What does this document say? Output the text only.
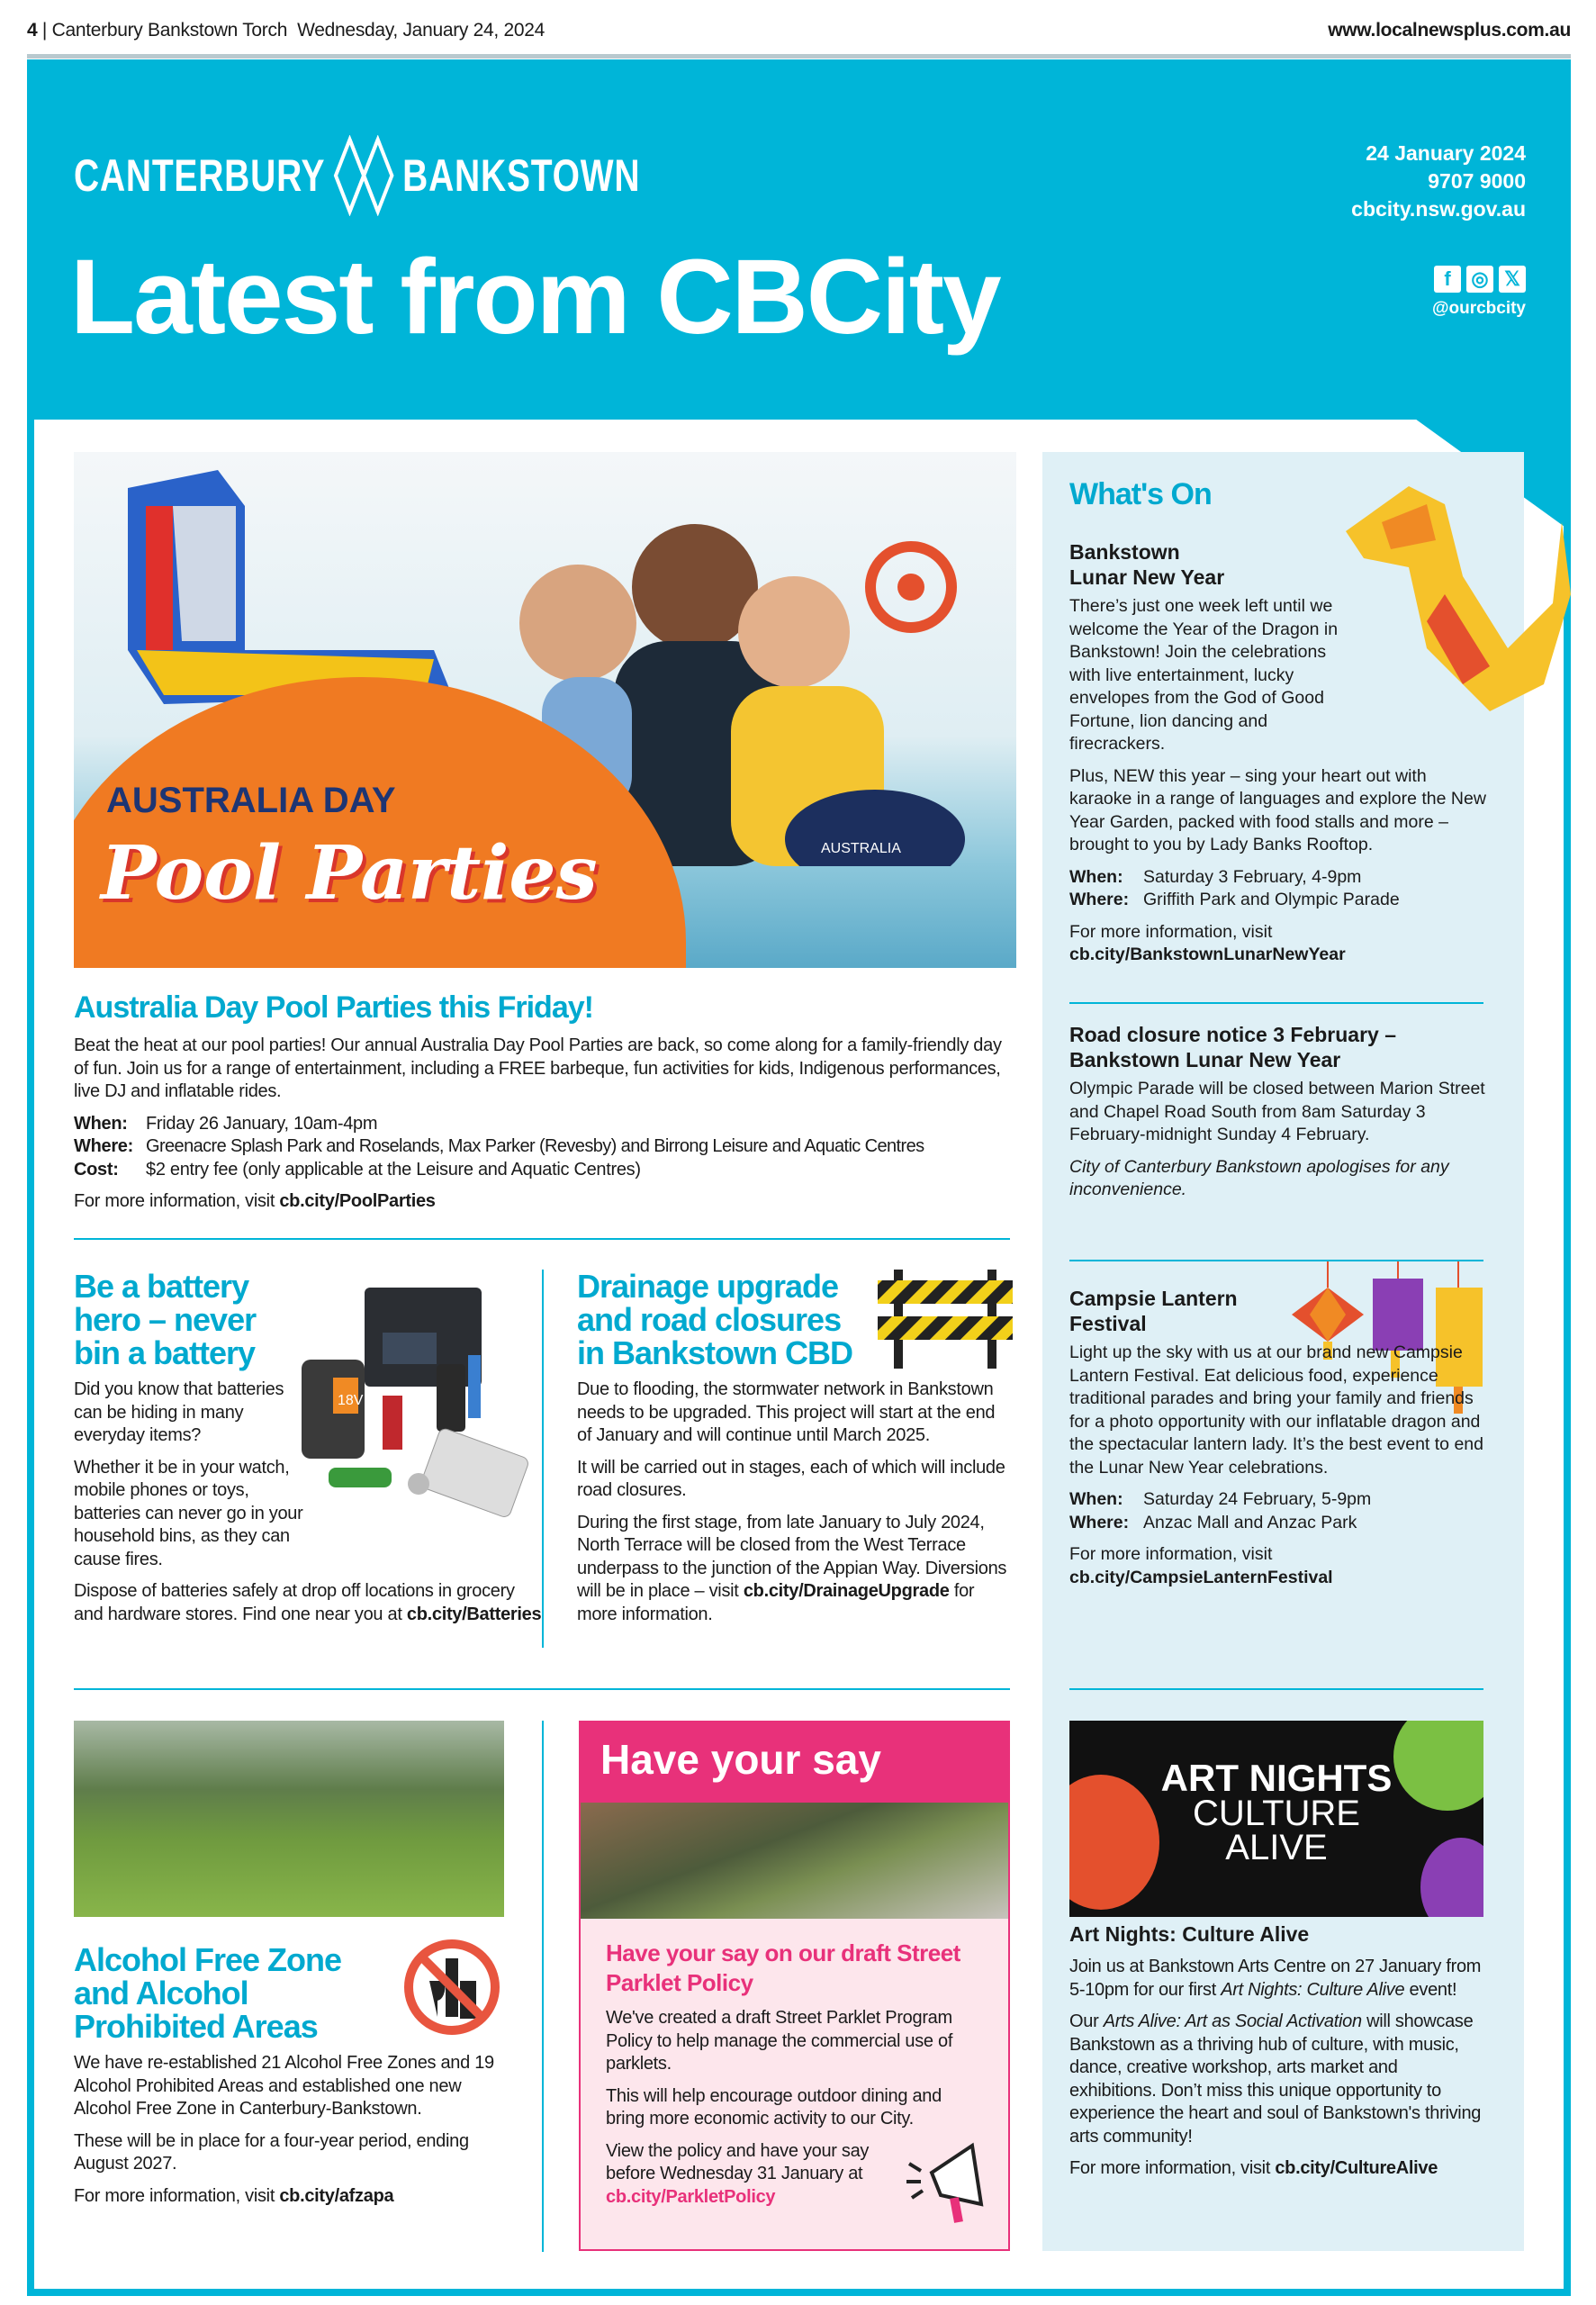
4 | Canterbury Bankstown Torch Wednesday, January 24, 2024	www.localnewsplus.com.au
CANTERBURY BANKSTOWN
Latest from CBCity
24 January 2024
9707 9000
cbcity.nsw.gov.au
f	◎ 𝕏
@ourcbcity
AUSTRALIA
AUSTRALIA DAY
Pool Parties
Australia Day Pool Parties this Friday!

Beat the heat at our pool parties! Our annual Australia Day Pool Parties are back, so come along for a family-friendly day of fun. Join us for a range of entertainment, including a FREE barbeque, fun activities for kids, Indigenous performances, live DJ and inflatable rides.

When:	Friday 26 January, 10am-4pm
Where: Greenacre Splash Park and Roselands, Max Parker (Revesby) and Birrong Leisure and Aquatic Centres
Cost:	$2 entry fee (only applicable at the Leisure and Aquatic Centres)
For more information, visit cb.city/PoolParties
Be a battery hero – never bin a battery

Did you know that batteries can be hiding in many everyday items?

Whether it be in your watch, mobile phones or toys, batteries can never go in your household bins, as they can cause fires.

Dispose of batteries safely at drop off locations in grocery and hardware stores. Find one near you at cb.city/Batteries

18V
Drainage upgrade and road closures in Bankstown CBD

Due to flooding, the stormwater network in Bankstown needs to be upgraded. This project will start at the end of January and will continue until March 2025.

It will be carried out in stages, each of which will include road closures.

During the first stage, from late January to July 2024, North Terrace will be closed from the West Terrace underpass to the junction of the Appian Way. Diversions will be in place – visit cb.city/DrainageUpgrade for more information.

Alcohol Free Zone and Alcohol Prohibited Areas

We have re-established 21 Alcohol Free Zones and 19 Alcohol Prohibited Areas and established one new Alcohol Free Zone in Canterbury-Bankstown.

These will be in place for a four-year period, ending August 2027.

For more information, visit cb.city/afzapa

Have your say
Have your say on our draft Street Parklet Policy

We've created a draft Street Parklet Program Policy to help manage the commercial use of parklets.

This will help encourage outdoor dining and bring more economic activity to our City.

View the policy and have your say before Wednesday 31 January at cb.city/ParkletPolicy

What's On
Bankstown Lunar New Year

There’s just one week left until we welcome the Year of the Dragon in Bankstown! Join the celebrations with live entertainment, lucky envelopes from the God of Good Fortune, lion dancing and firecrackers.

Plus, NEW this year – sing your heart out with karaoke in a range of languages and explore the New Year Garden, packed with food stalls and more – brought to you by Lady Banks Rooftop.

When:	Saturday 3 February, 4-9pm
Where: Griffith Park and Olympic Parade

For more information, visit
cb.city/BankstownLunarNewYear

Road closure notice 3 February – Bankstown Lunar New Year

Olympic Parade will be closed between Marion Street and Chapel Road South from 8am Saturday 3 February-midnight Sunday 4 February.

City of Canterbury Bankstown apologises for any inconvenience.

Campsie Lantern Festival

Light up the sky with us at our brand new Campsie Lantern Festival. Eat delicious food, experience traditional parades and bring your family and friends for a photo opportunity with our inflatable dragon and the spectacular lantern lady. It’s the best event to end the Lunar New Year celebrations.

When:	Saturday 24 February, 5-9pm
Where: Anzac Mall and Anzac Park

For more information, visit
cb.city/CampsieLanternFestival

ART NIGHTS
CULTURE
ALIVE
Art Nights: Culture Alive

Join us at Bankstown Arts Centre on 27 January from 5-10pm for our first Art Nights: Culture Alive event!

Our Arts Alive: Art as Social Activation will showcase Bankstown as a thriving hub of culture, with music, dance, creative workshop, arts market and exhibitions. Don’t miss this unique opportunity to experience the heart and soul of Bankstown's thriving arts community!

For more information, visit cb.city/CultureAlive
